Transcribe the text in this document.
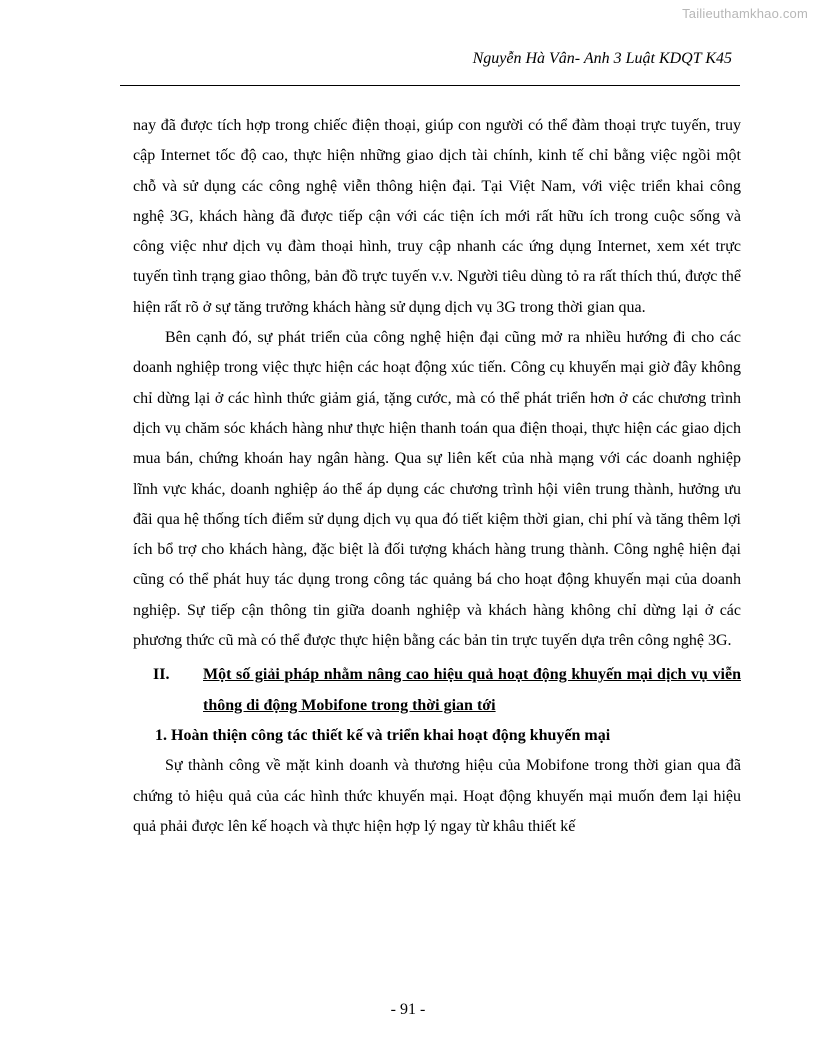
Tailieuthamkhao.com
Nguyễn Hà Vân- Anh 3 Luật KDQT K45

nay đã được tích hợp trong chiếc điện thoại, giúp con người có thể đàm thoại trực tuyến, truy cập Internet tốc độ cao, thực hiện những giao dịch tài chính, kinh tế chỉ bằng việc ngồi một chỗ và sử dụng các công nghệ viễn thông hiện đại. Tại Việt Nam, với việc triển khai công nghệ 3G, khách hàng đã được tiếp cận với các tiện ích mới rất hữu ích trong cuộc sống và công việc như dịch vụ đàm thoại hình, truy cập nhanh các ứng dụng Internet, xem xét trực tuyến tình trạng giao thông, bản đồ trực tuyến v.v. Người tiêu dùng tỏ ra rất thích thú, được thể hiện rất rõ ở sự tăng trưởng khách hàng sử dụng dịch vụ 3G trong thời gian qua.

Bên cạnh đó, sự phát triển của công nghệ hiện đại cũng mở ra nhiều hướng đi cho các doanh nghiệp trong việc thực hiện các hoạt động xúc tiến. Công cụ khuyến mại giờ đây không chỉ dừng lại ở các hình thức giảm giá, tặng cước, mà có thể phát triển hơn ở các chương trình dịch vụ chăm sóc khách hàng như thực hiện thanh toán qua điện thoại, thực hiện các giao dịch mua bán, chứng khoán hay ngân hàng. Qua sự liên kết của nhà mạng với các doanh nghiệp lĩnh vực khác, doanh nghiệp áo thể áp dụng các chương trình hội viên trung thành, hưởng ưu đãi qua hệ thống tích điểm sử dụng dịch vụ qua đó tiết kiệm thời gian, chi phí và tăng thêm lợi ích bổ trợ cho khách hàng, đặc biệt là đối tượng khách hàng trung thành. Công nghệ hiện đại cũng có thể phát huy tác dụng trong công tác quảng bá cho hoạt động khuyến mại của doanh nghiệp. Sự tiếp cận thông tin giữa doanh nghiệp và khách hàng không chỉ dừng lại ở các phương thức cũ mà có thể được thực hiện bằng các bản tin trực tuyến dựa trên công nghệ 3G.

II.	Một số giải pháp nhằm nâng cao hiệu quả hoạt động khuyến mại dịch vụ viễn thông di động Mobifone trong thời gian tới
1. Hoàn thiện công tác thiết kế và triển khai hoạt động khuyến mại

Sự thành công về mặt kinh doanh và thương hiệu của Mobifone trong thời gian qua đã chứng tỏ hiệu quả của các hình thức khuyến mại. Hoạt động khuyến mại muốn đem lại hiệu quả phải được lên kế hoạch và thực hiện hợp lý ngay từ khâu thiết kế

- 91 -
